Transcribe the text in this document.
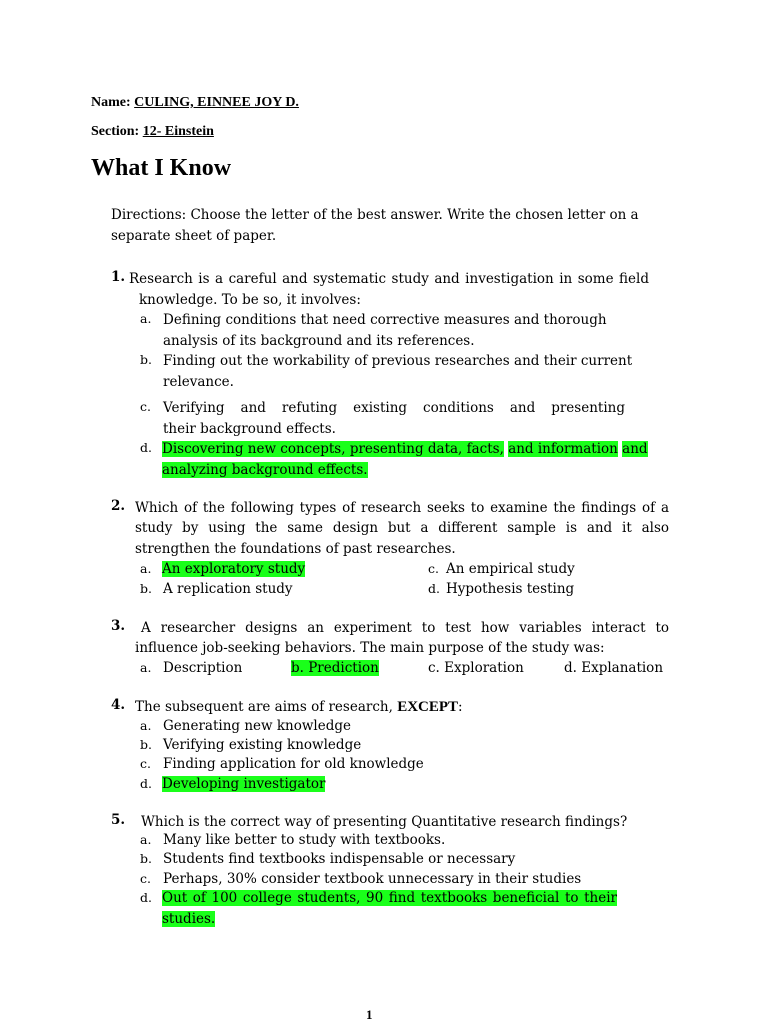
Name: CULING, EINNEE JOY D.
Section: 12- Einstein
What I Know
Directions: Choose the letter of the best answer. Write the chosen letter on a
separate sheet of paper.
1. Research is a careful and systematic study and investigation in some field
knowledge. To be so, it involves:
a. Defining conditions that need corrective measures and thorough
analysis of its background and its references.
b. Finding out the workability of previous researches and their current
relevance.
c. Verifying and refuting existing conditions and presenting
their background effects.
d. Discovering new concepts, presenting data, facts, and information and
analyzing background effects.
2. Which of the following types of research seeks to examine the findings of a
study by using the same design but a different sample is and it also
strengthen the foundations of past researches.
a. An exploratory study	c. An empirical study
b. A replication study	d. Hypothesis testing
3. A researcher designs an experiment to test how variables interact to
influence job-seeking behaviors. The main purpose of the study was:
a. Description	b. Prediction	c. Exploration	d. Explanation
4. The subsequent are aims of research, EXCEPT:
a. Generating new knowledge
b. Verifying existing knowledge
c. Finding application for old knowledge
d. Developing investigator
5. Which is the correct way of presenting Quantitative research findings?
a. Many like better to study with textbooks.
b. Students find textbooks indispensable or necessary
c. Perhaps, 30% consider textbook unnecessary in their studies
d. Out of 100 college students, 90 find textbooks beneficial to their
studies.
1
